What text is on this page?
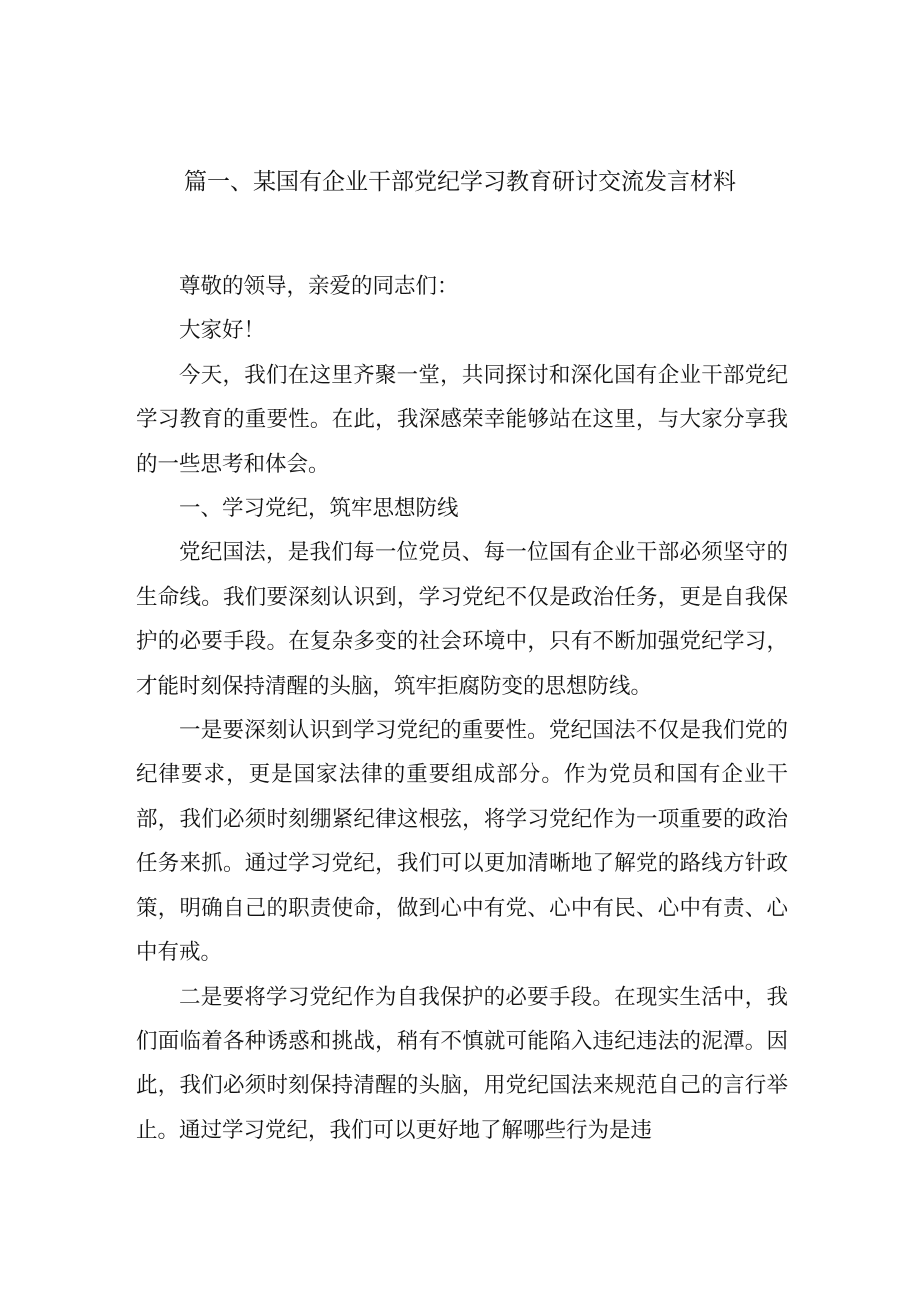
篇一、某国有企业干部党纪学习教育研讨交流发言材料

尊敬的领导，亲爱的同志们：

大家好！

今天，我们在这里齐聚一堂，共同探讨和深化国有企业干部党纪学习教育的重要性。在此，我深感荣幸能够站在这里，与大家分享我的一些思考和体会。

一、学习党纪，筑牢思想防线

党纪国法，是我们每一位党员、每一位国有企业干部必须坚守的生命线。我们要深刻认识到，学习党纪不仅是政治任务，更是自我保护的必要手段。在复杂多变的社会环境中，只有不断加强党纪学习，才能时刻保持清醒的头脑，筑牢拒腐防变的思想防线。

一是要深刻认识到学习党纪的重要性。党纪国法不仅是我们党的纪律要求，更是国家法律的重要组成部分。作为党员和国有企业干部，我们必须时刻绷紧纪律这根弦，将学习党纪作为一项重要的政治任务来抓。通过学习党纪，我们可以更加清晰地了解党的路线方针政策，明确自己的职责使命，做到心中有党、心中有民、心中有责、心中有戒。

二是要将学习党纪作为自我保护的必要手段。在现实生活中，我们面临着各种诱惑和挑战，稍有不慎就可能陷入违纪违法的泥潭。因此，我们必须时刻保持清醒的头脑，用党纪国法来规范自己的言行举止。通过学习党纪，我们可以更好地了解哪些行为是违
